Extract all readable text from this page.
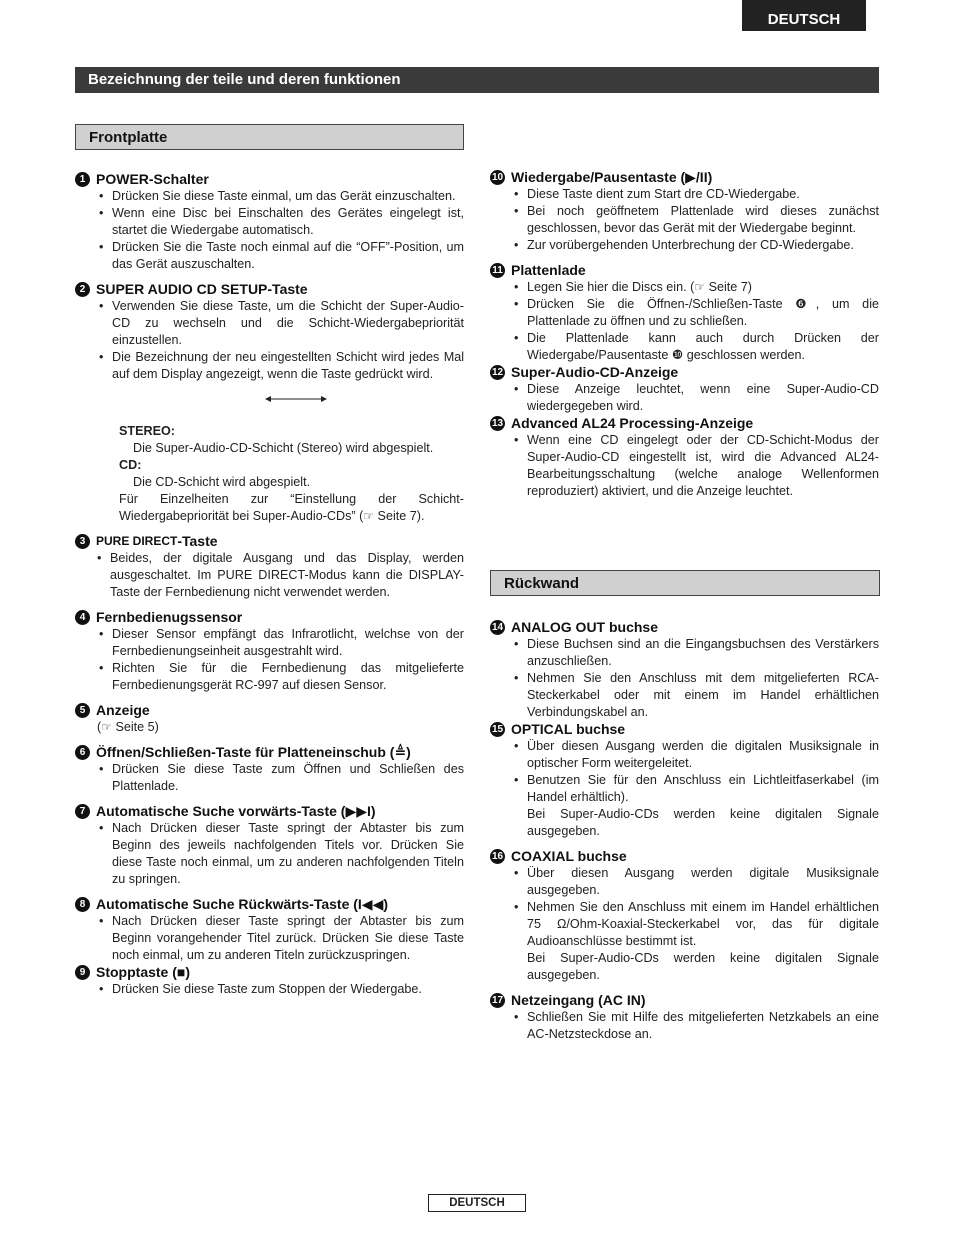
DEUTSCH
Bezeichnung der teile und deren funktionen
Frontplatte
Rückwand
1 POWER-Schalter
• Drücken Sie diese Taste einmal, um das Gerät einzuschalten.
• Wenn eine Disc bei Einschalten des Gerätes eingelegt ist, startet die Wiedergabe automatisch.
• Drücken Sie die Taste noch einmal auf die “OFF”-Position, um das Gerät auszuschalten.
2 SUPER AUDIO CD SETUP-Taste
• Verwenden Sie diese Taste, um die Schicht der Super-Audio-CD zu wechseln und die Schicht-Wiedergabepriorität einzustellen.
• Die Bezeichnung der neu eingestellten Schicht wird jedes Mal auf dem Display angezeigt, wenn die Taste gedrückt wird.
STEREO:
Die Super-Audio-CD-Schicht (Stereo) wird abgespielt.
CD:
Die CD-Schicht wird abgespielt.
Für Einzelheiten zur “Einstellung der Schicht-Wiedergabepriorität bei Super-Audio-CDs” (☞ Seite 7).
3 PURE DIRECT -Taste
• Beides, der digitale Ausgang und das Display, werden ausgeschaltet. Im PURE DIRECT-Modus kann die DISPLAY-Taste der Fernbedienung nicht verwendet werden.
4 Fernbedienugssensor
• Dieser Sensor empfängt das Infrarotlicht, welchse von der Fernbedienungseinheit ausgestrahlt wird.
• Richten Sie für die Fernbedienung das mitgelieferte Fernbedienungsgerät RC-997 auf diesen Sensor.
5 Anzeige
(☞ Seite 5)
6 Öffnen/Schließen-Taste für Platteneinschub (≜)
• Drücken Sie diese Taste zum Öffnen und Schließen des Plattenlade.
7 Automatische Suche vorwärts-Taste (▶▶I)
• Nach Drücken dieser Taste springt der Abtaster bis zum Beginn des jeweils nachfolgenden Titels vor. Drücken Sie diese Taste noch einmal, um zu anderen nachfolgenden Titeln zu springen.
8 Automatische Suche Rückwärts-Taste (I◀◀)
• Nach Drücken dieser Taste springt der Abtaster bis zum Beginn vorangehender Titel zurück. Drücken Sie diese Taste noch einmal, um zu anderen Titeln zurückzuspringen.
9 Stopptaste (■)
• Drücken Sie diese Taste zum Stoppen der Wiedergabe.
10 Wiedergabe/Pausentaste (▶/II)
• Diese Taste dient zum Start dre CD-Wiedergabe.
• Bei noch geöffnetem Plattenlade wird dieses zunächst geschlossen, bevor das Gerät mit der Wiedergabe beginnt.
• Zur vorübergehenden Unterbrechung der CD-Wiedergabe.
11 Plattenlade
• Legen Sie hier die Discs ein. (☞ Seite 7)
• Drücken Sie die Öffnen-/Schließen-Taste ❻, um die Plattenlade zu öffnen und zu schließen.
• Die Plattenlade kann auch durch Drücken der Wiedergabe/Pausentaste ❿ geschlossen werden.
12 Super-Audio-CD-Anzeige
• Diese Anzeige leuchtet, wenn eine Super-Audio-CD wiedergegeben wird.
13 Advanced AL24 Processing-Anzeige
• Wenn eine CD eingelegt oder der CD-Schicht-Modus der Super-Audio-CD eingestellt ist, wird die Advanced AL24-Bearbeitungsschaltung (welche analoge Wellenformen reproduziert) aktiviert, und die Anzeige leuchtet.
14 ANALOG OUT buchse
• Diese Buchsen sind an die Eingangsbuchsen des Verstärkers anzuschließen.
• Nehmen Sie den Anschluss mit dem mitgelieferten RCA-Steckerkabel oder mit einem im Handel erhältlichen Verbindungskabel an.
15 OPTICAL buchse
• Über diesen Ausgang werden die digitalen Musiksignale in optischer Form weitergeleitet.
• Benutzen Sie für den Anschluss ein Lichtleitfaserkabel (im Handel erhältlich).
Bei Super-Audio-CDs werden keine digitalen Signale ausgegeben.
16 COAXIAL buchse
• Über diesen Ausgang werden digitale Musiksignale ausgegeben.
• Nehmen Sie den Anschluss mit einem im Handel erhältlichen 75 Ω/Ohm-Koaxial-Steckerkabel vor, das für digitale Audioanschlüsse bestimmt ist.
Bei Super-Audio-CDs werden keine digitalen Signale ausgegeben.
17 Netzeingang (AC IN)
• Schließen Sie mit Hilfe des mitgelieferten Netzkabels an eine AC-Netzsteckdose an.
DEUTSCH
